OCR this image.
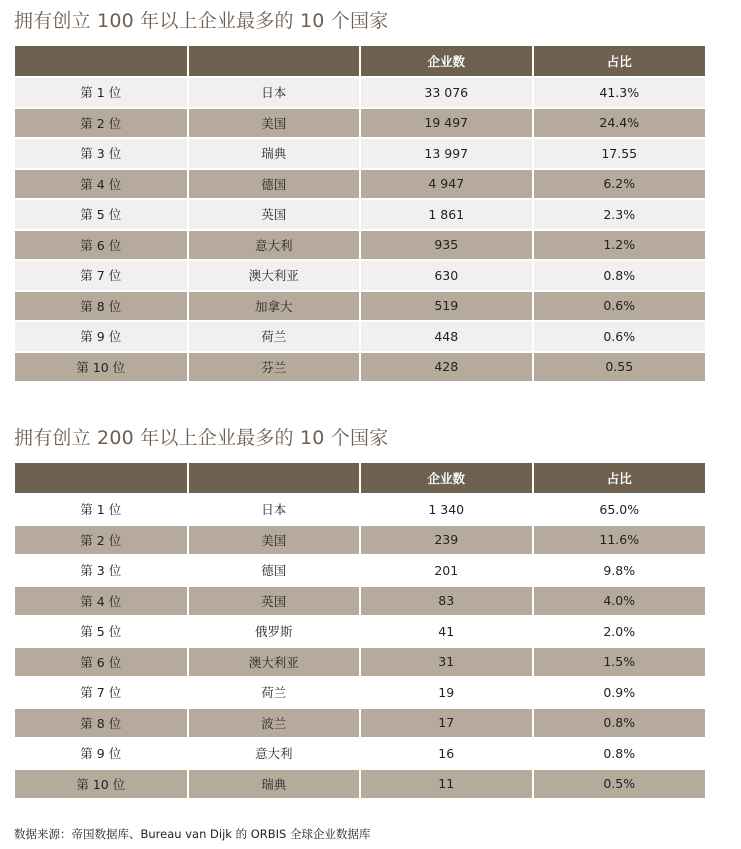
拥有创立 100 年以上企业最多的 10 个国家
		企业数	占比
第 1 位	日本	33 076	41.3%
第 2 位	美国	19 497	24.4%
第 3 位	瑞典	13 997	17.55
第 4 位	德国	4 947	6.2%
第 5 位	英国	1 861	2.3%
第 6 位	意大利	935	1.2%
第 7 位	澳大利亚	630	0.8%
第 8 位	加拿大	519	0.6%
第 9 位	荷兰	448	0.6%
第 10 位	芬兰	428	0.55
拥有创立 200 年以上企业最多的 10 个国家
		企业数	占比
第 1 位	日本	1 340	65.0%
第 2 位	美国	239	11.6%
第 3 位	德国	201	9.8%
第 4 位	英国	83	4.0%
第 5 位	俄罗斯	41	2.0%
第 6 位	澳大利亚	31	1.5%
第 7 位	荷兰	19	0.9%
第 8 位	波兰	17	0.8%
第 9 位	意大利	16	0.8%
第 10 位	瑞典	11	0.5%
数据来源：帝国数据库、Bureau van Dijk 的 ORBIS 全球企业数据库
